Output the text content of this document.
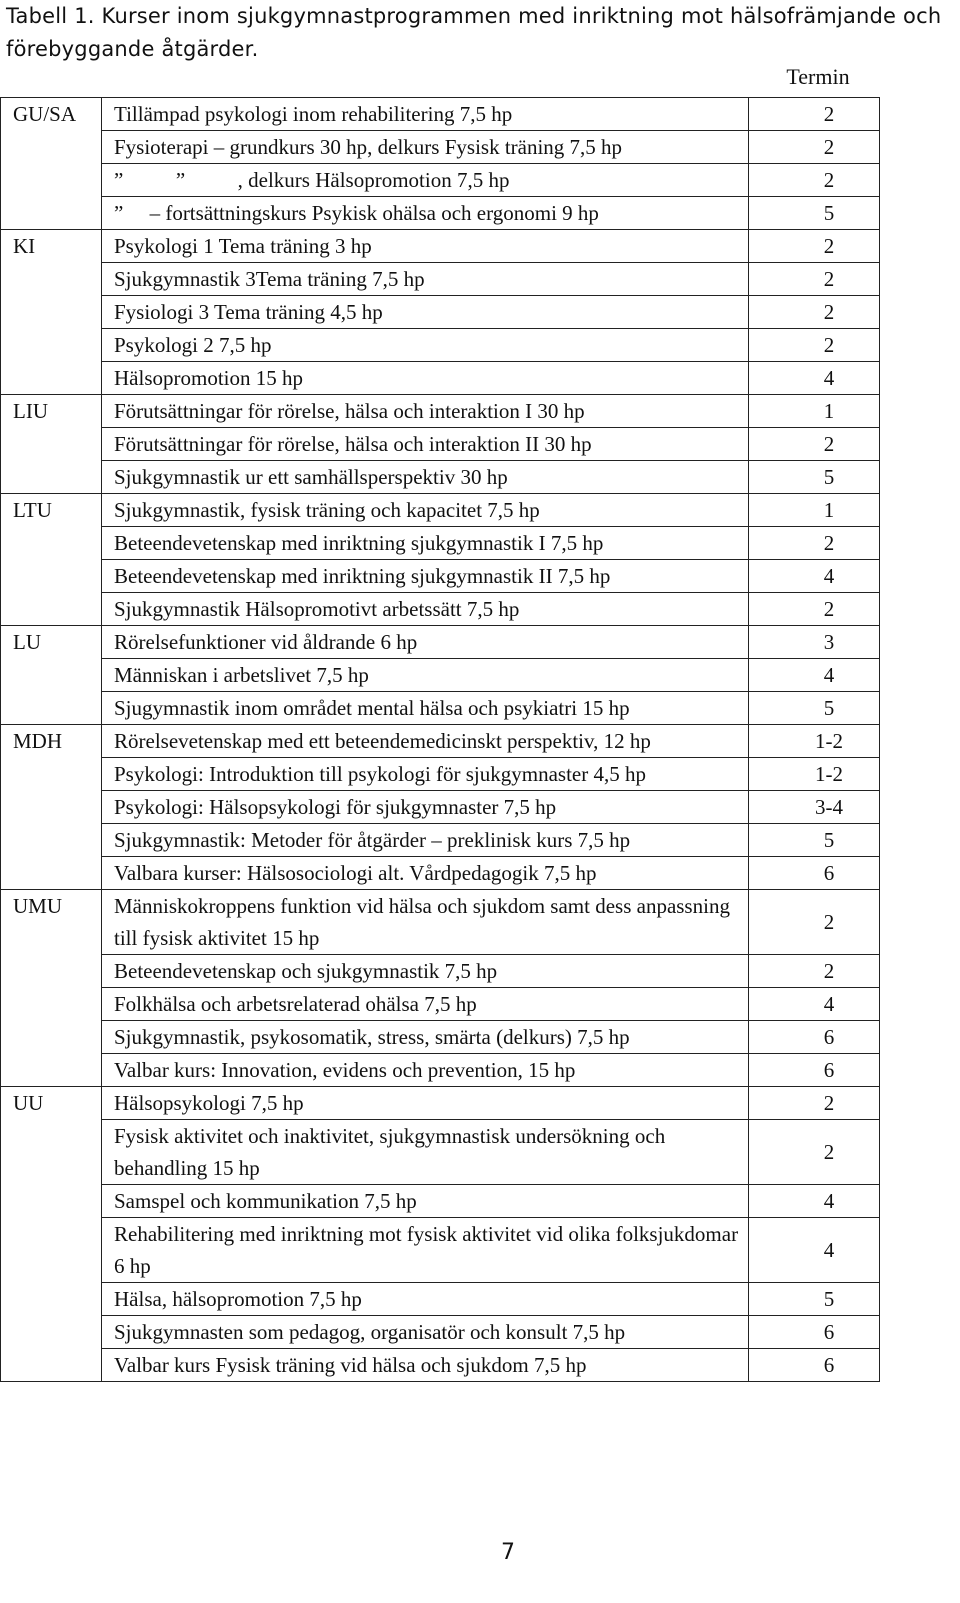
Tabell 1. Kurser inom sjukgymnastprogrammen med inriktning mot hälsofrämjande och förebyggande åtgärder.
Termin
GU/SA	Tillämpad psykologi inom rehabilitering 7,5 hp	2
	Fysioterapi – grundkurs 30 hp, delkurs Fysisk träning 7,5 hp	2
	”          ”          , delkurs Hälsopromotion 7,5 hp	2
	”     – fortsättningskurs Psykisk ohälsa och ergonomi 9 hp	5
KI	Psykologi 1 Tema träning 3 hp	2
	Sjukgymnastik 3Tema träning 7,5 hp	2
	Fysiologi 3 Tema träning 4,5 hp	2
	Psykologi 2 7,5 hp	2
	Hälsopromotion 15 hp	4
LIU	Förutsättningar för rörelse, hälsa och interaktion I 30 hp	1
	Förutsättningar för rörelse, hälsa och interaktion II 30 hp	2
	Sjukgymnastik ur ett samhällsperspektiv 30 hp	5
LTU	Sjukgymnastik, fysisk träning och kapacitet 7,5 hp	1
	Beteendevetenskap med inriktning sjukgymnastik I 7,5 hp	2
	Beteendevetenskap med inriktning sjukgymnastik II 7,5 hp	4
	Sjukgymnastik Hälsopromotivt arbetssätt 7,5 hp	2
LU	Rörelsefunktioner vid åldrande 6 hp	3
	Människan i arbetslivet 7,5 hp	4
	Sjugymnastik inom området mental hälsa och psykiatri 15 hp	5
MDH	Rörelsevetenskap med ett beteendemedicinskt perspektiv, 12 hp	1-2
	Psykologi: Introduktion till psykologi för sjukgymnaster 4,5 hp	1-2
	Psykologi: Hälsopsykologi för sjukgymnaster 7,5 hp	3-4
	Sjukgymnastik: Metoder för åtgärder – preklinisk kurs 7,5 hp	5
	Valbara kurser: Hälsosociologi alt. Vårdpedagogik 7,5 hp	6
UMU	Människokroppens funktion vid hälsa och sjukdom samt dess anpassning till fysisk aktivitet 15 hp	2
	Beteendevetenskap och sjukgymnastik 7,5 hp	2
	Folkhälsa och arbetsrelaterad ohälsa 7,5 hp	4
	Sjukgymnastik, psykosomatik, stress, smärta (delkurs) 7,5 hp	6
	Valbar kurs: Innovation, evidens och prevention, 15 hp	6
UU	Hälsopsykologi 7,5 hp	2
	Fysisk aktivitet och inaktivitet, sjukgymnastisk undersökning och behandling 15 hp	2
	Samspel och kommunikation 7,5 hp	4
	Rehabilitering med inriktning mot fysisk aktivitet vid olika folksjukdomar 6 hp	4
	Hälsa, hälsopromotion 7,5 hp	5
	Sjukgymnasten som pedagog, organisatör och konsult 7,5 hp	6
	Valbar kurs Fysisk träning vid hälsa och sjukdom 7,5 hp	6
7
